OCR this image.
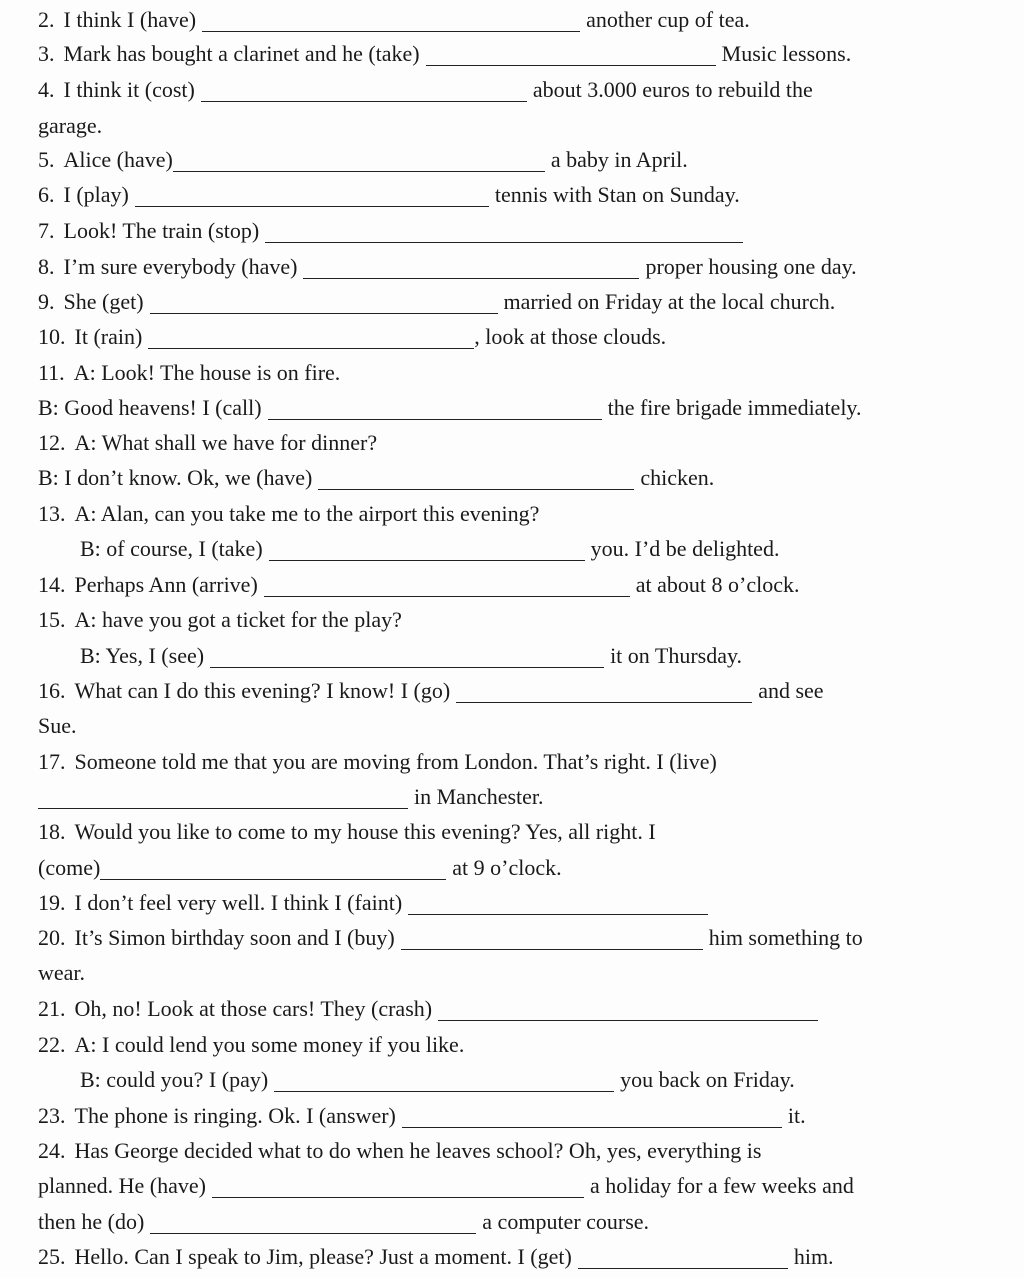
2. I think I (have)	another cup of tea.
3. Mark has bought a clarinet and he (take)	Music lessons.
4. I think it (cost)	about 3.000 euros to rebuild the
garage.
5. Alice (have)	a baby in April.
6. I (play)	tennis with Stan on Sunday.
7. Look! The train (stop)
8. I’m sure everybody (have)	proper housing one day.
9. She (get)	married on Friday at the local church.
10. It (rain)	, look at those clouds.
11. A: Look! The house is on fire.
B: Good heavens! I (call)	the fire brigade immediately.
12. A: What shall we have for dinner?
B: I don’t know. Ok, we (have)	chicken.
13. A: Alan, can you take me to the airport this evening?
B: of course, I (take)	you. I’d be delighted.
14. Perhaps Ann (arrive)	at about 8 o’clock.
15. A: have you got a ticket for the play?
B: Yes, I (see)	it on Thursday.
16. What can I do this evening? I know! I (go)	and see
Sue.
17. Someone told me that you are moving from London. That’s right. I (live)
in Manchester.
18. Would you like to come to my house this evening? Yes, all right. I
(come)	at 9 o’clock.
19. I don’t feel very well. I think I (faint)
20. It’s Simon birthday soon and I (buy)	him something to
wear.
21. Oh, no! Look at those cars! They (crash)
22. A: I could lend you some money if you like.
B: could you? I (pay)	you back on Friday.
23. The phone is ringing. Ok. I (answer)	it.
24. Has George decided what to do when he leaves school? Oh, yes, everything is
planned. He (have)	a holiday for a few weeks and
then he (do)	a computer course.
25. Hello. Can I speak to Jim, please? Just a moment. I (get)	him.
